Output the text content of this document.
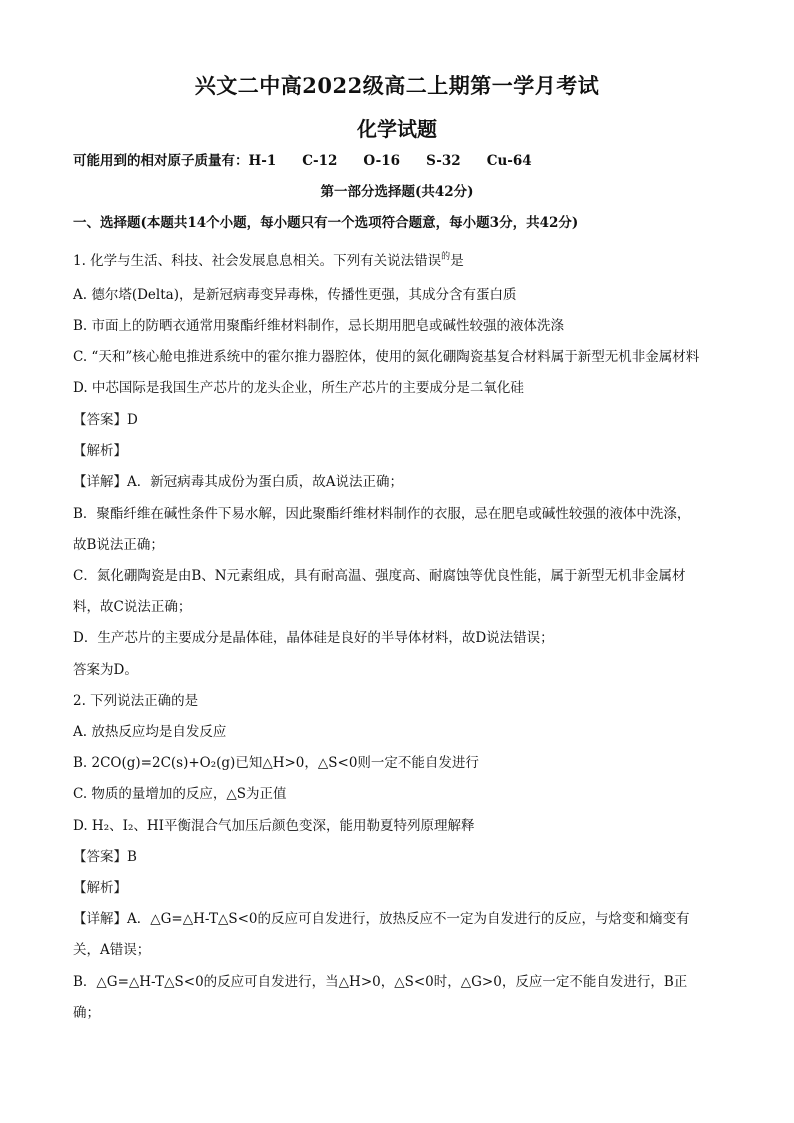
兴文二中高2022级高二上期第一学月考试
化学试题
可能用到的相对原子质量有：H-1 C-12 O-16 S-32 Cu-64
第一部分选择题(共42分)
一、选择题(本题共14个小题，每小题只有一个选项符合题意，每小题3分，共42分)
1. 化学与生活、科技、社会发展息息相关。下列有关说法错误$^的$是
A. 德尔塔(Delta)，是新冠病毒变异毒株，传播性更强，其成分含有蛋白质
B. 市面上的防晒衣通常用聚酯纤维材料制作，忌长期用肥皂或碱性较强的液体洗涤
C. “天和”核心舱电推进系统中的霍尔推力器腔体，使用的氮化硼陶瓷基复合材料属于新型无机非金属材料
D. 中芯国际是我国生产芯片的龙头企业，所生产芯片的主要成分是二氧化硅
【答案】D
【解析】
【详解】A．新冠病毒其成份为蛋白质，故A说法正确；
B．聚酯纤维在碱性条件下易水解，因此聚酯纤维材料制作的衣服，忌在肥皂或碱性较强的液体中洗涤，
故B说法正确；
C．氮化硼陶瓷是由B、N元素组成，具有耐高温、强度高、耐腐蚀等优良性能，属于新型无机非金属材
料，故C说法正确；
D．生产芯片的主要成分是晶体硅，晶体硅是良好的半导体材料，故D说法错误；
答案为D。
2. 下列说法正确的是
A. 放热反应均是自发反应
B. 2CO(g)=2C(s)+O₂(g)已知△H>0，△S<0则一定不能自发进行
C. 物质的量增加的反应，△S为正值
D. H₂、I₂、HI平衡混合气加压后颜色变深，能用勒夏特列原理解释
【答案】B
【解析】
【详解】A．△G=△H-T△S<0的反应可自发进行，放热反应不一定为自发进行的反应，与焓变和熵变有
关，A错误；
B．△G=△H-T△S<0的反应可自发进行，当△H>0，△S<0时，△G>0，反应一定不能自发进行，B正
确；
